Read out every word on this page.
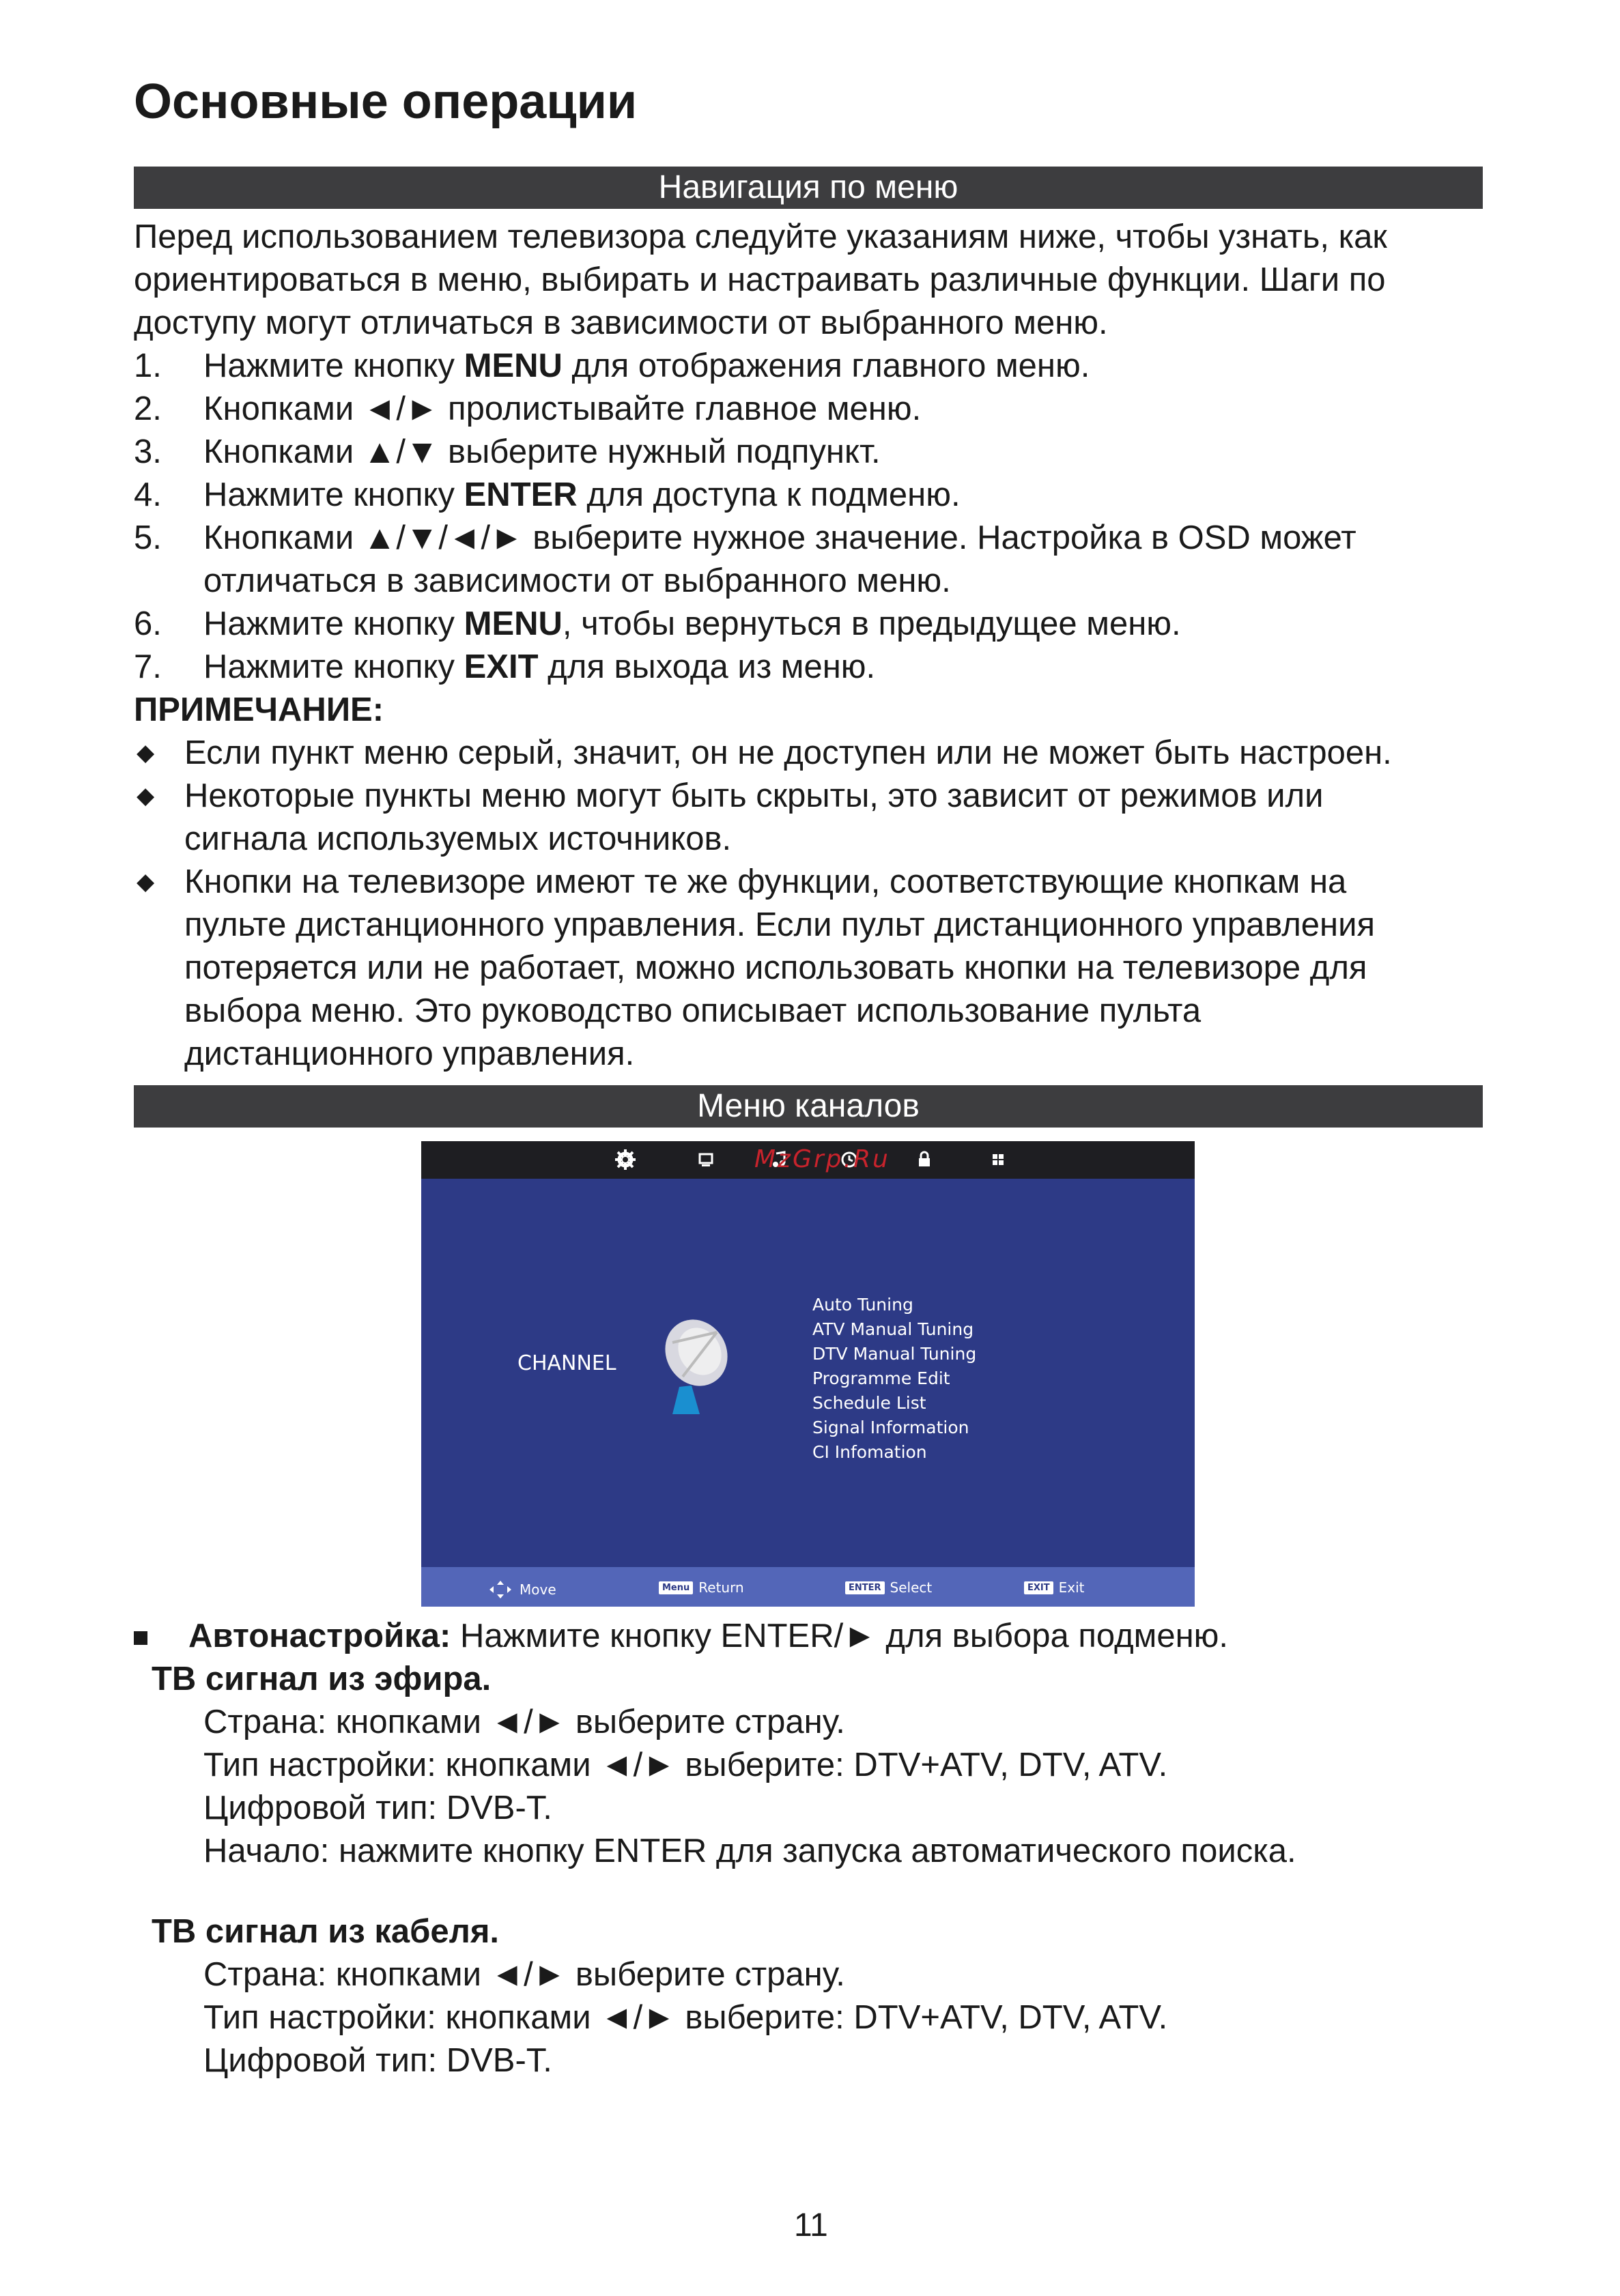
Основные операции
Навигация по меню

Перед использованием телевизора следуйте указаниям ниже, чтобы узнать, как

ориентироваться в меню, выбирать и настраивать различные функции. Шаги по

доступу могут отличаться в зависимости от выбранного меню.

1. Нажмите кнопку MENU для отображения главного меню.
2. Кнопками ◄/► пролистывайте главное меню.
3. Кнопками ▲/▼ выберите нужный подпункт.
4. Нажмите кнопку ENTER для доступа к подменю.
5. Кнопками ▲/▼/◄/► выберите нужное значение. Настройка в OSD может
отличаться в зависимости от выбранного меню.
6. Нажмите кнопку MENU, чтобы вернуться в предыдущее меню.
7. Нажмите кнопку EXIT для выхода из меню.

ПРИМЕЧАНИЕ:

◆ Если пункт меню серый, значит, он не доступен или не может быть настроен.
◆ Некоторые пункты меню могут быть скрыты, это зависит от режимов или
сигнала используемых источников.
◆ Кнопки на телевизоре имеют те же функции, соответствующие кнопкам на
пульте дистанционного управления. Если пульт дистанционного управления
потеряется или не работает, можно использовать кнопки на телевизоре для
выбора меню. Это руководство описывает использование пульта
дистанционного управления.
Меню каналов
MzGrp.Ru
CHANNEL
Auto Tuning
ATV Manual Tuning
DTV Manual Tuning
Programme Edit
Schedule List
Signal Information
CI Infomation
Move	Menu Return	ENTER Select	EXIT Exit

Автонастройка: Нажмите кнопку ENTER/► для выбора подменю.

ТВ сигнал из эфира.

Страна: кнопками ◄/► выберите страну.

Тип настройки: кнопками ◄/► выберите: DTV+ATV, DTV, ATV.

Цифровой тип: DVB-T.

Начало: нажмите кнопку ENTER для запуска автоматического поиска.

ТВ сигнал из кабеля.

Страна: кнопками ◄/► выберите страну.

Тип настройки: кнопками ◄/► выберите: DTV+ATV, DTV, ATV.

Цифровой тип: DVB-T.

11
